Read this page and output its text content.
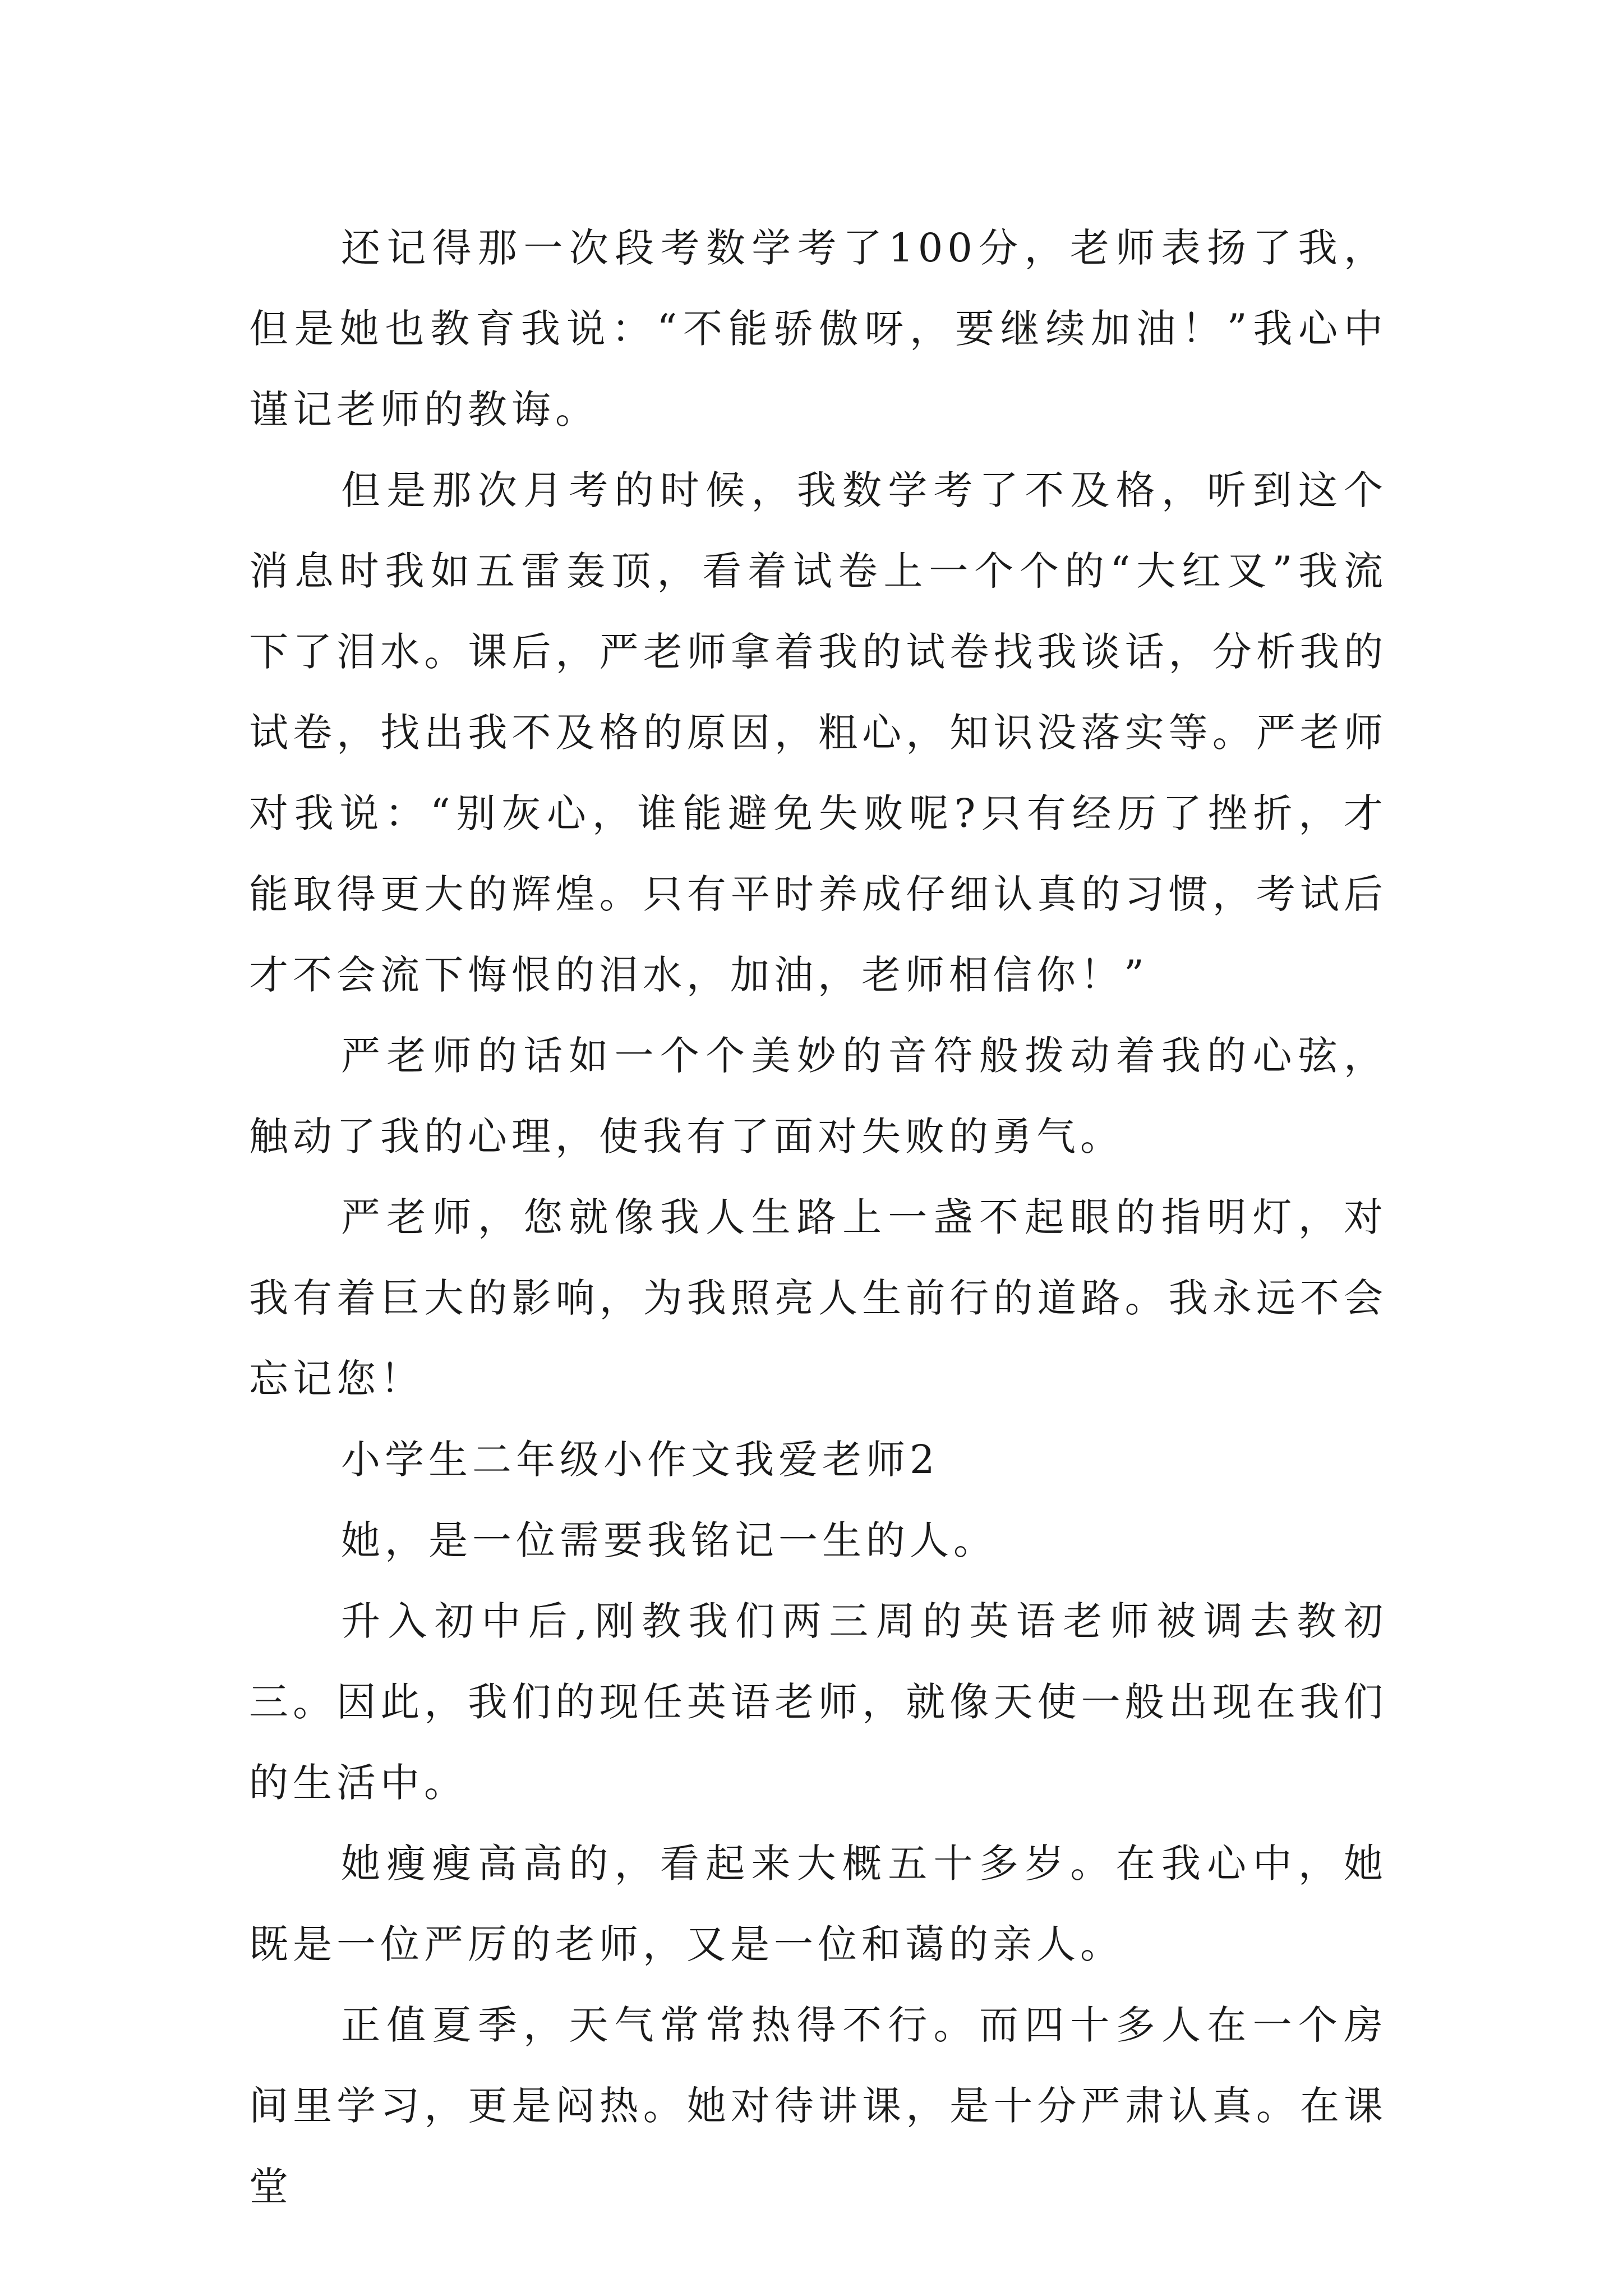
还记得那一次段考数学考了100分，老师表扬了我，但是她也教育我说：“不能骄傲呀，要继续加油！”我心中谨记老师的教诲。

但是那次月考的时候，我数学考了不及格，听到这个消息时我如五雷轰顶，看着试卷上一个个的“大红叉”我流下了泪水。课后，严老师拿着我的试卷找我谈话，分析我的试卷，找出我不及格的原因，粗心，知识没落实等。严老师对我说：“别灰心，谁能避免失败呢?只有经历了挫折，才能取得更大的辉煌。只有平时养成仔细认真的习惯，考试后才不会流下悔恨的泪水，加油，老师相信你！”

严老师的话如一个个美妙的音符般拨动着我的心弦，触动了我的心理，使我有了面对失败的勇气。

严老师，您就像我人生路上一盏不起眼的指明灯，对我有着巨大的影响，为我照亮人生前行的道路。我永远不会忘记您！

小学生二年级小作文我爱老师2

她，是一位需要我铭记一生的人。

升入初中后,刚教我们两三周的英语老师被调去教初三。因此，我们的现任英语老师，就像天使一般出现在我们的生活中。

她瘦瘦高高的，看起来大概五十多岁。在我心中，她既是一位严厉的老师，又是一位和蔼的亲人。

正值夏季，天气常常热得不行。而四十多人在一个房间里学习，更是闷热。她对待讲课，是十分严肃认真。在课堂
